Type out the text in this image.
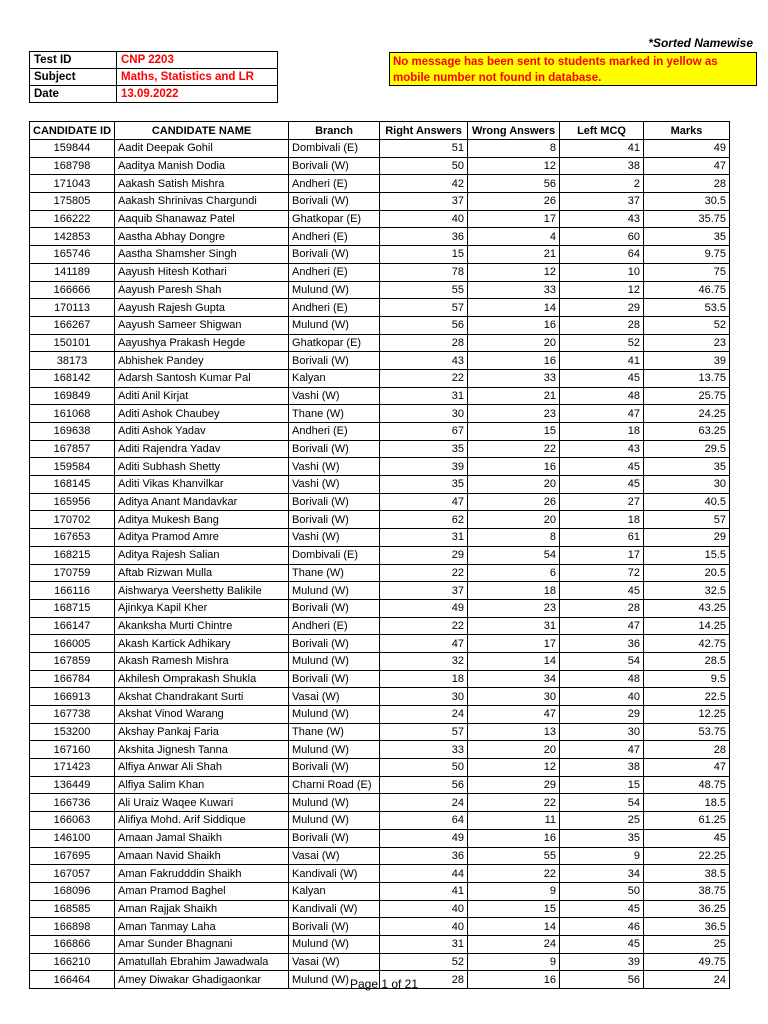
*Sorted Namewise
Test ID	CNP 2203
Subject	Maths, Statistics and LR
Date	13.09.2022
No message has been sent to students marked in yellow as mobile number not found in database.
CANDIDATE ID	CANDIDATE NAME	Branch	Right Answers	Wrong Answers	Left MCQ	Marks
159844	Aadit Deepak Gohil	Dombivali (E)	51	8	41	49
168798	Aaditya Manish Dodia	Borivali (W)	50	12	38	47
171043	Aakash Satish Mishra	Andheri (E)	42	56	2	28
175805	Aakash Shrinivas Chargundi	Borivali (W)	37	26	37	30.5
166222	Aaquib Shanawaz Patel	Ghatkopar (E)	40	17	43	35.75
142853	Aastha Abhay Dongre	Andheri (E)	36	4	60	35
165746	Aastha Shamsher Singh	Borivali (W)	15	21	64	9.75
141189	Aayush Hitesh Kothari	Andheri (E)	78	12	10	75
166666	Aayush Paresh Shah	Mulund (W)	55	33	12	46.75
170113	Aayush Rajesh Gupta	Andheri (E)	57	14	29	53.5
166267	Aayush Sameer Shigwan	Mulund (W)	56	16	28	52
150101	Aayushya Prakash Hegde	Ghatkopar (E)	28	20	52	23
38173	Abhishek Pandey	Borivali (W)	43	16	41	39
168142	Adarsh Santosh Kumar Pal	Kalyan	22	33	45	13.75
169849	Aditi Anil Kirjat	Vashi (W)	31	21	48	25.75
161068	Aditi Ashok Chaubey	Thane (W)	30	23	47	24.25
169638	Aditi Ashok Yadav	Andheri (E)	67	15	18	63.25
167857	Aditi Rajendra Yadav	Borivali (W)	35	22	43	29.5
159584	Aditi Subhash Shetty	Vashi (W)	39	16	45	35
168145	Aditi Vikas Khanvilkar	Vashi (W)	35	20	45	30
165956	Aditya Anant Mandavkar	Borivali (W)	47	26	27	40.5
170702	Aditya Mukesh Bang	Borivali (W)	62	20	18	57
167653	Aditya Pramod Amre	Vashi (W)	31	8	61	29
168215	Aditya Rajesh Salian	Dombivali (E)	29	54	17	15.5
170759	Aftab Rizwan Mulla	Thane (W)	22	6	72	20.5
166116	Aishwarya Veershetty Balikile	Mulund (W)	37	18	45	32.5
168715	Ajinkya Kapil Kher	Borivali (W)	49	23	28	43.25
166147	Akanksha Murti Chintre	Andheri (E)	22	31	47	14.25
166005	Akash Kartick Adhikary	Borivali (W)	47	17	36	42.75
167859	Akash Ramesh Mishra	Mulund (W)	32	14	54	28.5
166784	Akhilesh Omprakash Shukla	Borivali (W)	18	34	48	9.5
166913	Akshat Chandrakant Surti	Vasai (W)	30	30	40	22.5
167738	Akshat Vinod Warang	Mulund (W)	24	47	29	12.25
153200	Akshay Pankaj Faria	Thane (W)	57	13	30	53.75
167160	Akshita Jignesh Tanna	Mulund (W)	33	20	47	28
171423	Alfiya Anwar Ali Shah	Borivali (W)	50	12	38	47
136449	Alfiya Salim Khan	Charni Road (E)	56	29	15	48.75
166736	Ali Uraiz Waqee Kuwari	Mulund (W)	24	22	54	18.5
166063	Alifiya Mohd. Arif Siddique	Mulund (W)	64	11	25	61.25
146100	Amaan Jamal Shaikh	Borivali (W)	49	16	35	45
167695	Amaan Navid Shaikh	Vasai (W)	36	55	9	22.25
167057	Aman Fakrudddin Shaikh	Kandivali (W)	44	22	34	38.5
168096	Aman Pramod Baghel	Kalyan	41	9	50	38.75
168585	Aman Rajjak Shaikh	Kandivali (W)	40	15	45	36.25
166898	Aman Tanmay Laha	Borivali (W)	40	14	46	36.5
166866	Amar Sunder Bhagnani	Mulund (W)	31	24	45	25
166210	Amatullah Ebrahim Jawadwala	Vasai (W)	52	9	39	49.75
166464	Amey Diwakar Ghadigaonkar	Mulund (W)	28	16	56	24
Page 1 of 21
